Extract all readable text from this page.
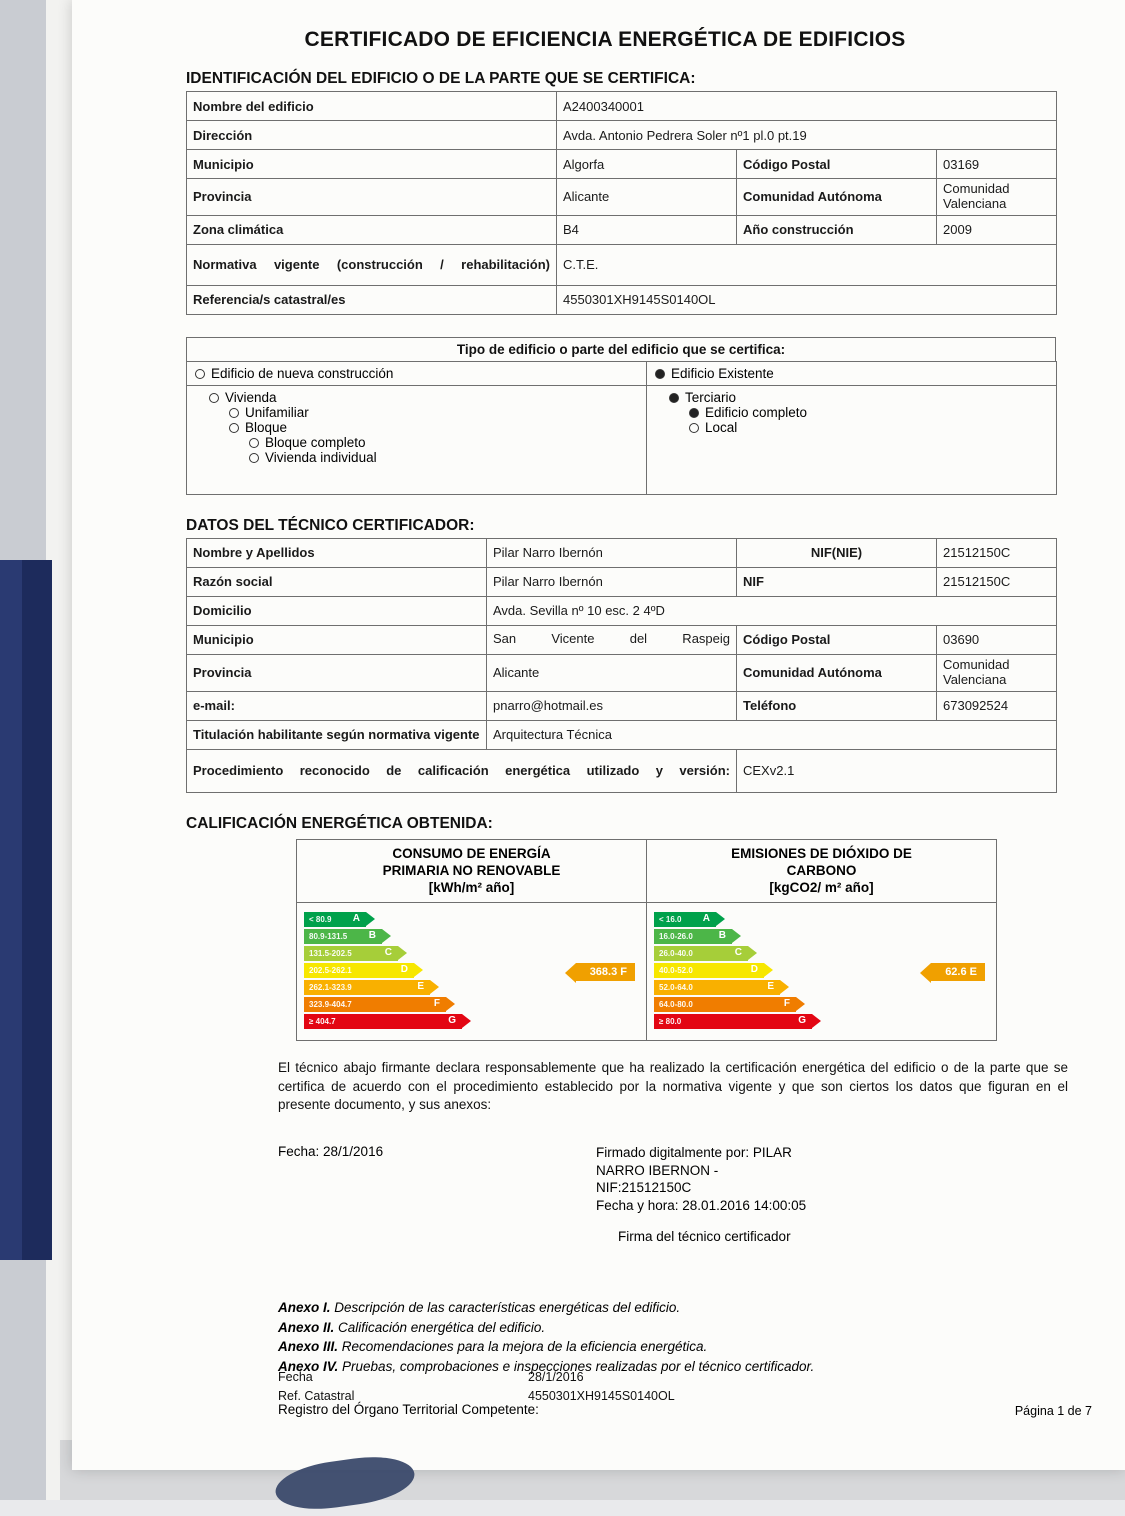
CERTIFICADO DE EFICIENCIA ENERGÉTICA DE EDIFICIOS
IDENTIFICACIÓN DEL EDIFICIO O DE LA PARTE QUE SE CERTIFICA:
Nombre del edificio	A2400340001		
Dirección	Avda. Antonio Pedrera Soler nº1 pl.0 pt.19		
Municipio	Algorfa	Código Postal	03169
Provincia	Alicante	Comunidad Autónoma	Comunidad Valenciana
Zona climática	B4	Año construcción	2009
Normativa vigente (construcción / rehabilitación)	C.T.E.		
Referencia/s catastral/es	4550301XH9145S0140OL		
Tipo de edificio o parte del edificio que se certifica:
Edificio de nueva construcción	Edificio Existente

Vivienda
Unifamiliar
Bloque
Bloque completo
Vivienda individual

Terciario
Edificio completo
Local
DATOS DEL TÉCNICO CERTIFICADOR:
Nombre y Apellidos	Pilar Narro Ibernón	NIF(NIE)	21512150C
Razón social	Pilar Narro Ibernón	NIF	21512150C
Domicilio	Avda. Sevilla nº 10 esc. 2 4ºD		
Municipio	San Vicente del Raspeig	Código Postal	03690
Provincia	Alicante	Comunidad Autónoma	Comunidad Valenciana
e-mail:	pnarro@hotmail.es	Teléfono	673092524
Titulación habilitante según normativa vigente	Arquitectura Técnica		
Procedimiento reconocido de calificación energética utilizado y versión:		CEXv2.1	
CALIFICACIÓN ENERGÉTICA OBTENIDA:
CONSUMO DE ENERGÍA
PRIMARIA NO RENOVABLE
[kWh/m² año]

EMISIONES DE DIÓXIDO DE
CARBONO
[kgCO2/ m² año]

< 80.9 A
80.9-131.5 B
131.5-202.5	C
202.5-262.1	D
262.1-323.9	E
323.9-404.7	F
≥ 404.7	G
	368.3 F

< 16.0 A
16.0-26.0	B
26.0-40.0	C
40.0-52.0	D
52.0-64.0	E
64.0-80.0	F
≥ 80.0	G
	62.6 E
El técnico abajo firmante declara responsablemente que ha realizado la certificación energética del edificio o de la parte que se certifica de acuerdo con el procedimiento establecido por la normativa vigente y que son ciertos los datos que figuran en el presente documento, y sus anexos:
Fecha: 28/1/2016	Firmado digitalmente por: PILAR
NARRO IBERNON -
NIF:21512150C
Fecha y hora: 28.01.2016 14:00:05
Firma del técnico certificador
Anexo I. Descripción de las características energéticas del edificio.
Anexo II. Calificación energética del edificio.
Anexo III. Recomendaciones para la mejora de la eficiencia energética.
Anexo IV. Pruebas, comprobaciones e inspecciones realizadas por el técnico certificador.
Registro del Órgano Territorial Competente:
Fecha	28/1/2016
Ref. Catastral	4550301XH9145S0140OL
Página 1 de 7
